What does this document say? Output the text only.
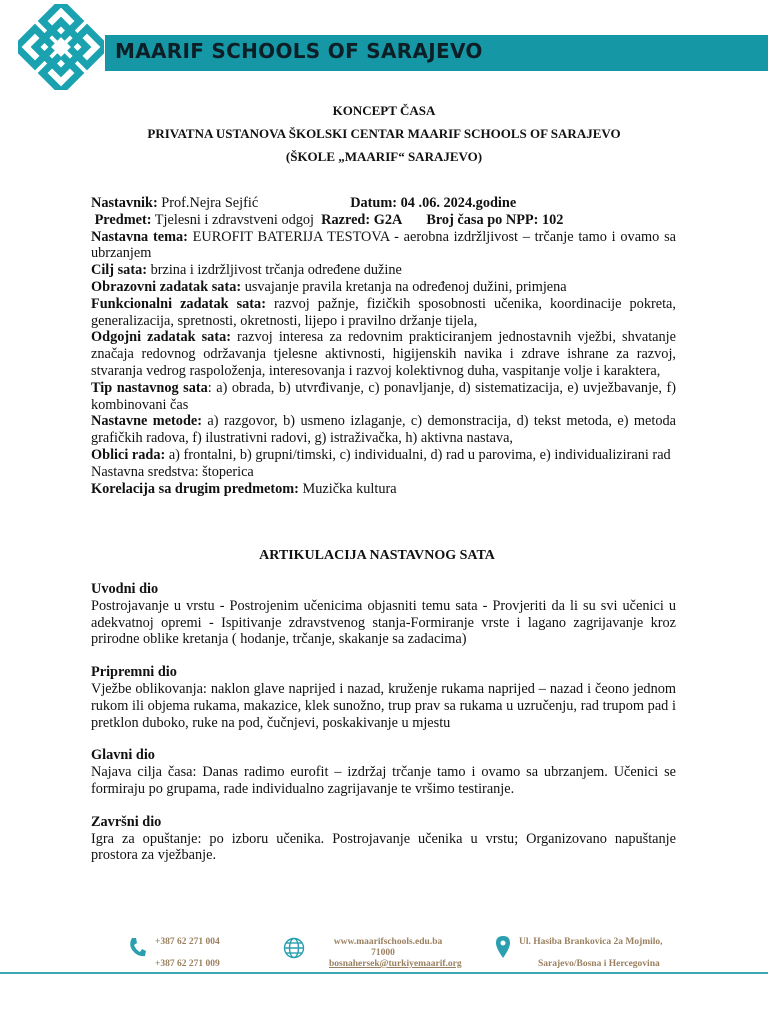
MAARIF SCHOOLS OF SARAJEVO
KONCEPT ČASA
PRIVATNA USTANOVA ŠKOLSKI CENTAR MAARIF SCHOOLS OF SARAJEVO
(ŠKOLE „MAARIF“ SARAJEVO)

Nastavnik: Prof.Nejra Sejfić	Datum: 04 .06. 2024.godine

Predmet: Tjelesni i zdravstveni odgoj  Razred: G2A Broj časa po NPP: 102

Nastavna tema: EUROFIT BATERIJA TESTOVA - aerobna izdržljivost – trčanje tamo i ovamo sa ubrzanjem

Cilj sata: brzina i izdržljivost trčanja određene dužine

Obrazovni zadatak sata: usvajanje pravila kretanja na određenoj dužini, primjena

Funkcionalni zadatak sata: razvoj pažnje, fizičkih sposobnosti učenika, koordinacije pokreta, generalizacija, spretnosti, okretnosti, lijepo i pravilno držanje tijela,

Odgojni zadatak sata: razvoj interesa za redovnim prakticiranjem jednostavnih vježbi, shvatanje značaja redovnog održavanja tjelesne aktivnosti, higijenskih navika i zdrave ishrane za razvoj, stvaranja vedrog raspoloženja, interesovanja i razvoj kolektivnog duha, vaspitanje volje i karaktera,

Tip nastavnog sata: a) obrada, b) utvrđivanje, c) ponavljanje, d) sistematizacija, e) uvježbavanje, f) kombinovani čas

Nastavne metode: a) razgovor, b) usmeno izlaganje, c) demonstracija, d) tekst metoda, e) metoda grafičkih radova, f) ilustrativni radovi, g) istraživačka, h) aktivna nastava,

Oblici rada: a) frontalni, b) grupni/timski, c) individualni, d) rad u parovima, e) individualizirani rad

Nastavna sredstva: štoperica

Korelacija sa drugim predmetom: Muzička kultura

ARTIKULACIJA NASTAVNOG SATA

Uvodni dio

Postrojavanje u vrstu - Postrojenim učenicima objasniti temu sata - Provjeriti da li su svi učenici u adekvatnoj opremi - Ispitivanje zdravstvenog stanja-Formiranje vrste i lagano zagrijavanje kroz prirodne oblike kretanja ( hodanje, trčanje, skakanje sa zadacima)

Pripremni dio

Vježbe oblikovanja: naklon glave naprijed i nazad, kruženje rukama naprijed – nazad i čeono jednom rukom ili objema rukama, makazice, klek sunožno, trup prav sa rukama u uzručenju, rad trupom pad i pretklon duboko, ruke na pod, čučnjevi, poskakivanje u mjestu

Glavni dio

Najava cilja časa: Danas radimo eurofit – izdržaj trčanje tamo i ovamo sa ubrzanjem. Učenici se formiraju po grupama, rade individualno zagrijavanje te vršimo testiranje.

Završni dio

Igra za opuštanje: po izboru učenika. Postrojavanje učenika u vrstu; Organizovano napuštanje prostora za vježbanje.

+387 62 271 004
+387 62 271 009
www.maarifschools.edu.ba
71000
bosnahersek@turkiyemaarif.org
Ul. Hasiba Brankovica 2a Mojmilo,
Sarajevo/Bosna i Hercegovina
